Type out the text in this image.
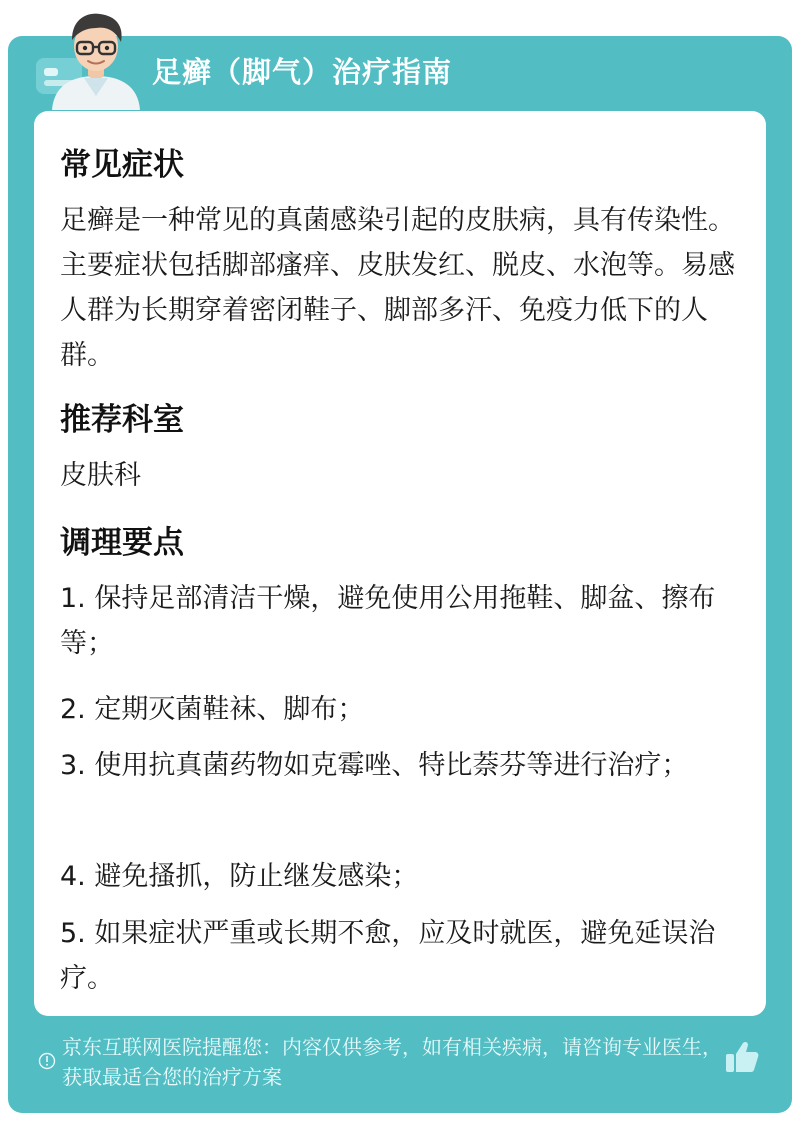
足癣（脚气）治疗指南
常见症状
足癣是一种常见的真菌感染引起的皮肤病，具有传染性。主要症状包括脚部瘙痒、皮肤发红、脱皮、水泡等。易感人群为长期穿着密闭鞋子、脚部多汗、免疫力低下的人群。
推荐科室
皮肤科
调理要点
1. 保持足部清洁干燥，避免使用公用拖鞋、脚盆、擦布等；
2. 定期灭菌鞋袜、脚布；
3. 使用抗真菌药物如克霉唑、特比萘芬等进行治疗；
4. 避免搔抓，防止继发感染；
5. 如果症状严重或长期不愈，应及时就医，避免延误治疗。
京东互联网医院提醒您：内容仅供参考，如有相关疾病，请咨询专业医生，获取最适合您的治疗方案
